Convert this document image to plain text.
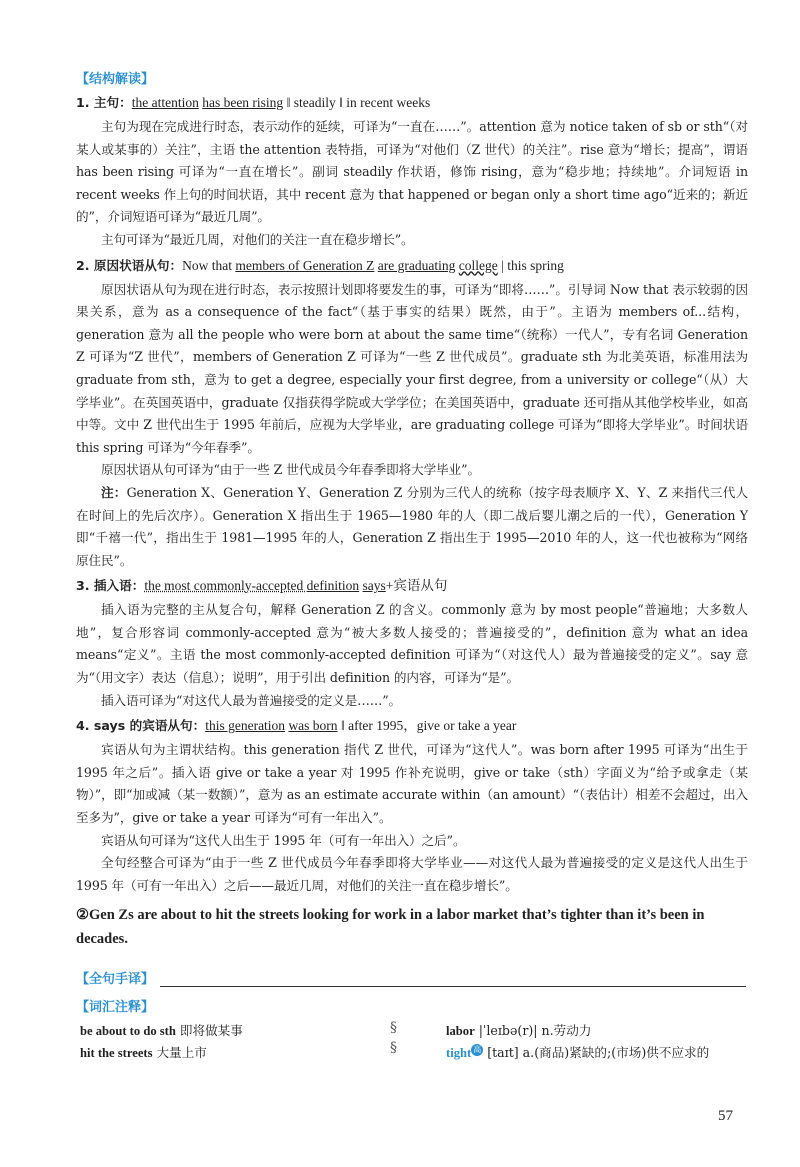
【结构解读】
1. 主句：the attention has been rising ‖ steadily ‖ in recent weeks

主句为现在完成进行时态，表示动作的延续，可译为“一直在……”。attention 意为 notice taken of sb or sth“（对某人或某事的）关注”，主语 the attention 表特指，可译为“对他们（Z 世代）的关注”。rise 意为“增长；提高”，谓语 has been rising 可译为“一直在增长”。副词 steadily 作状语，修饰 rising，意为“稳步地；持续地”。介词短语 in recent weeks 作上句的时间状语，其中 recent 意为 that happened or began only a short time ago“近来的；新近的”，介词短语可译为“最近几周”。

主句可译为“最近几周，对他们的关注一直在稳步增长”。

2. 原因状语从句：Now that members of Generation Z are graduating college | this spring

原因状语从句为现在进行时态，表示按照计划即将要发生的事，可译为“即将……”。引导词 Now that 表示较弱的因果关系，意为 as a consequence of the fact“（基于事实的结果）既然，由于”。主语为 members of...结构，generation 意为 all the people who were born at about the same time“（统称）一代人”，专有名词 Generation Z 可译为“Z 世代”，members of Generation Z 可译为“一些 Z 世代成员”。graduate sth 为北美英语，标准用法为 graduate from sth，意为 to get a degree, especially your first degree, from a university or college“（从）大学毕业”。在英国英语中，graduate 仅指获得学院或大学学位；在美国英语中，graduate 还可指从其他学校毕业，如高中等。文中 Z 世代出生于 1995 年前后，应视为大学毕业，are graduating college 可译为“即将大学毕业”。时间状语 this spring 可译为“今年春季”。

原因状语从句可译为“由于一些 Z 世代成员今年春季即将大学毕业”。

注：Generation X、Generation Y、Generation Z 分别为三代人的统称（按字母表顺序 X、Y、Z 来指代三代人在时间上的先后次序）。Generation X 指出生于 1965—1980 年的人（即二战后婴儿潮之后的一代），Generation Y 即“千禧一代”，指出生于 1981—1995 年的人，Generation Z 指出生于 1995—2010 年的人，这一代也被称为“网络原住民”。

3. 插入语：the most commonly-accepted definition says+宾语从句

插入语为完整的主从复合句，解释 Generation Z 的含义。commonly 意为 by most people“普遍地；大多数人地”，复合形容词 commonly-accepted 意为“被大多数人接受的；普遍接受的”，definition 意为 what an idea means“定义”。主语 the most commonly-accepted definition 可译为“（对这代人）最为普遍接受的定义”。say 意为“（用文字）表达（信息）；说明”，用于引出 definition 的内容，可译为“是”。

插入语可译为“对这代人最为普遍接受的定义是……”。

4. says 的宾语从句：this generation was born ‖ after 1995，give or take a year

宾语从句为主谓状结构。this generation 指代 Z 世代，可译为“这代人”。was born after 1995 可译为“出生于 1995 年之后”。插入语 give or take a year 对 1995 作补充说明，give or take（sth）字面义为“给予或拿走（某物）”，即“加或减（某一数额）”，意为 as an estimate accurate within（an amount）“（表估计）相差不会超过，出入至多为”，give or take a year 可译为“可有一年出入”。

宾语从句可译为“这代人出生于 1995 年（可有一年出入）之后”。

全句经整合可译为“由于一些 Z 世代成员今年春季即将大学毕业——对这代人最为普遍接受的定义是这代人出生于 1995 年（可有一年出入）之后——最近几周，对他们的关注一直在稳步增长”。

②Gen Zs are about to hit the streets looking for work in a labor market that’s tighter than it’s been in decades.
【全句手译】
【词汇注释】
be about to do sth 即将做某事
hit the streets 大量上市
labor |ˈleɪbə(r)| n.劳动力
tight 高 [taɪt] a.(商品)紧缺的;(市场)供不应求的
§
§
57
